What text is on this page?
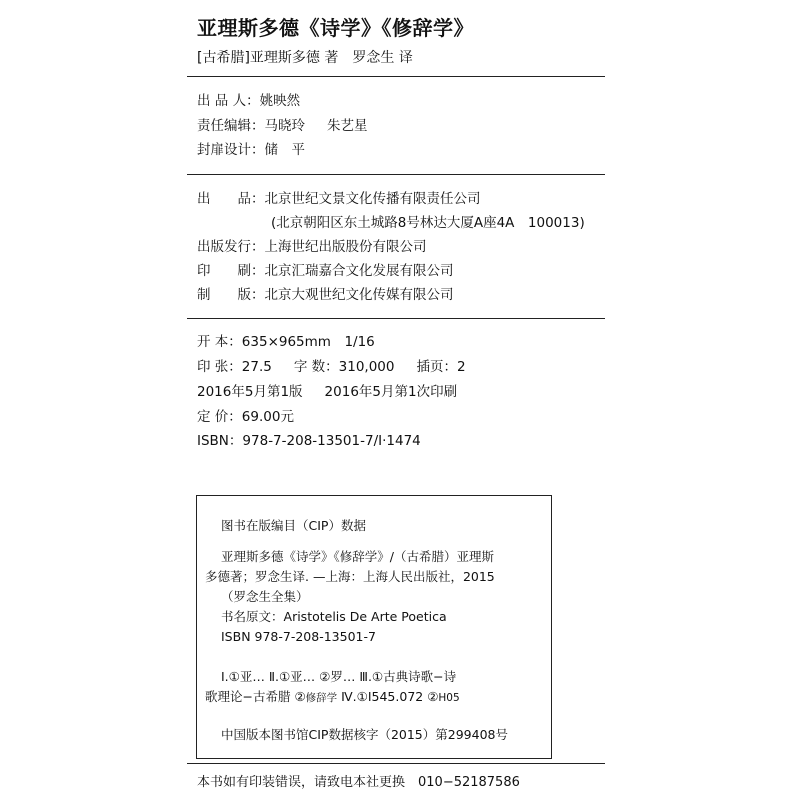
亚理斯多德《诗学》《修辞学》
[古希腊]亚理斯多德 著 罗念生 译
出 品 人：姚映然
责任编辑：马晓玲 朱艺星
封扉设计：储　平
出　　品：北京世纪文景文化传播有限责任公司
(北京朝阳区东土城路8号林达大厦A座4A　100013)
出版发行：上海世纪出版股份有限公司
印　　刷：北京汇瑞嘉合文化发展有限公司
制　　版：北京大观世纪文化传媒有限公司
开 本：635×965mm　1/16
印 张：27.5 字 数：310,000 插页：2
2016年5月第1版 2016年5月第1次印刷
定 价：69.00元
ISBN：978-7-208-13501-7/I·1474
图书在版编目（CIP）数据
亚理斯多德《诗学》《修辞学》/（古希腊）亚理斯
多德著；罗念生译. —上海：上海人民出版社，2015
（罗念生全集）
书名原文：Aristotelis De Arte Poetica
ISBN 978-7-208-13501-7
Ⅰ.①亚… Ⅱ.①亚… ②罗… Ⅲ.①古典诗歌−诗
歌理论−古希腊 ②修辞学 Ⅳ.①I545.072 ②H05
中国版本图书馆CIP数据核字（2015）第299408号
本书如有印装错误，请致电本社更换　010−52187586
